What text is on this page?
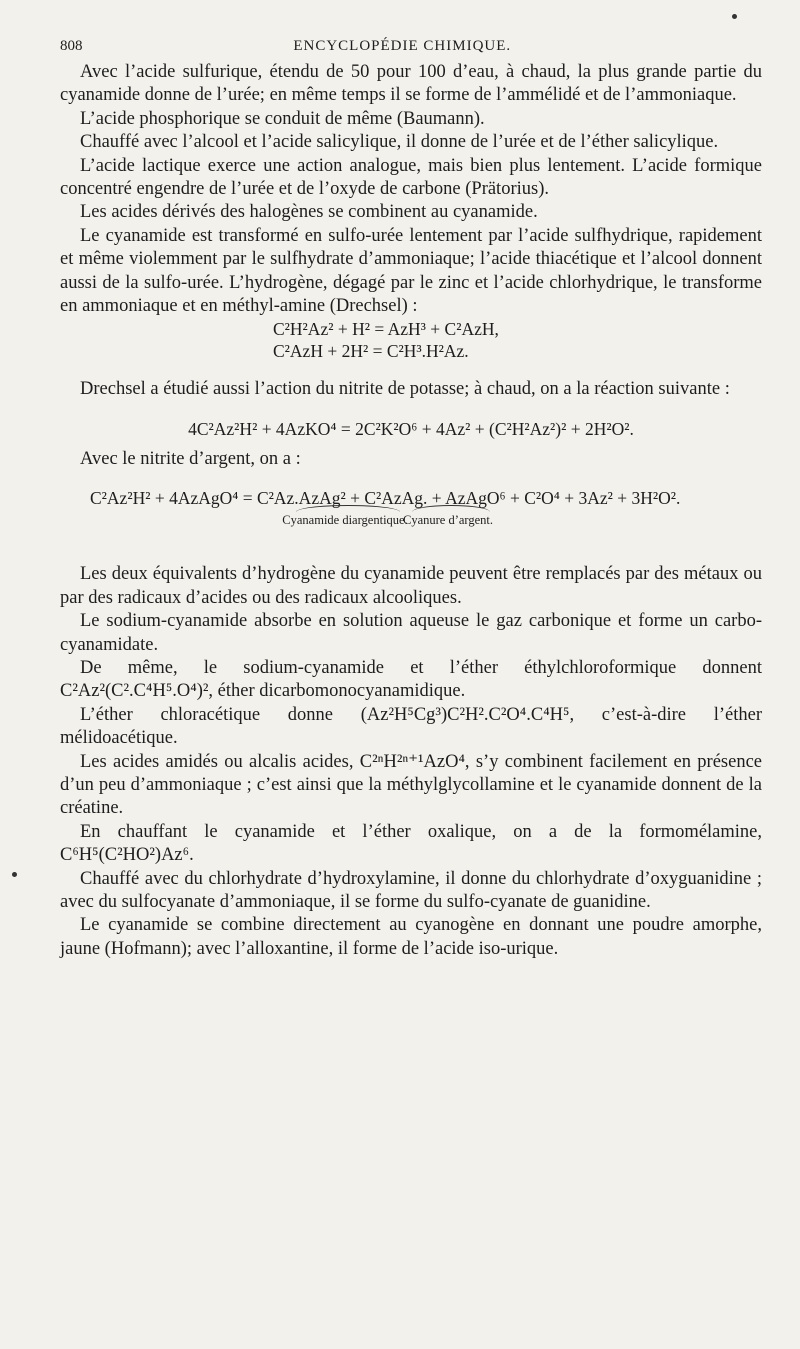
808	ENCYCLOPÉDIE CHIMIQUE.

Avec l’acide sulfurique, étendu de 50 pour 100 d’eau, à chaud, la plus grande partie du cyanamide donne de l’urée; en même temps il se forme de l’ammélidé et de l’ammoniaque.

L’acide phosphorique se conduit de même (Baumann).

Chauffé avec l’alcool et l’acide salicylique, il donne de l’urée et de l’éther salicylique.

L’acide lactique exerce une action analogue, mais bien plus lentement. L’acide formique concentré engendre de l’urée et de l’oxyde de carbone (Prätorius).

Les acides dérivés des halogènes se combinent au cyanamide.

Le cyanamide est transformé en sulfo-urée lentement par l’acide sulfhydrique, rapidement et même violemment par le sulfhydrate d’ammoniaque; l’acide thiacétique et l’alcool donnent aussi de la sulfo-urée. L’hydrogène, dégagé par le zinc et l’acide chlorhydrique, le transforme en ammoniaque et en méthyl-amine (Drechsel) :

C²H²Az² + H² = AzH³ + C²AzH,
C²AzH + 2H² = C²H³.H²Az.

Drechsel a étudié aussi l’action du nitrite de potasse; à chaud, on a la réaction suivante :

4C²Az²H² + 4AzKO⁴ = 2C²K²O⁶ + 4Az² + (C²H²Az²)² + 2H²O².

Avec le nitrite d’argent, on a :

C²Az²H² + 4AzAgO⁴ = C²Az.AzAg² + C²AzAg. + AzAgO⁶ + C²O⁴ + 3Az² + 3H²O².
Cyanamide diargentique.
Cyanure d’argent.

Les deux équivalents d’hydrogène du cyanamide peuvent être remplacés par des métaux ou par des radicaux d’acides ou des radicaux alcooliques.

Le sodium-cyanamide absorbe en solution aqueuse le gaz carbonique et forme un carbo-cyanamidate.

De même, le sodium-cyanamide et l’éther éthylchloroformique donnent C²Az²(C².C⁴H⁵.O⁴)², éther dicarbomonocyanamidique.

L’éther chloracétique donne (Az²H⁵Cg³)C²H².C²O⁴.C⁴H⁵, c’est-à-dire l’éther mélidoacétique.

Les acides amidés ou alcalis acides, C²ⁿH²ⁿ⁺¹AzO⁴, s’y combinent facilement en présence d’un peu d’ammoniaque ; c’est ainsi que la méthylglycollamine et le cyanamide donnent de la créatine.

En chauffant le cyanamide et l’éther oxalique, on a de la formomélamine, C⁶H⁵(C²HO²)Az⁶.

Chauffé avec du chlorhydrate d’hydroxylamine, il donne du chlorhydrate d’oxyguanidine ; avec du sulfocyanate d’ammoniaque, il se forme du sulfo-cyanate de guanidine.

Le cyanamide se combine directement au cyanogène en donnant une poudre amorphe, jaune (Hofmann); avec l’alloxantine, il forme de l’acide iso-urique.
